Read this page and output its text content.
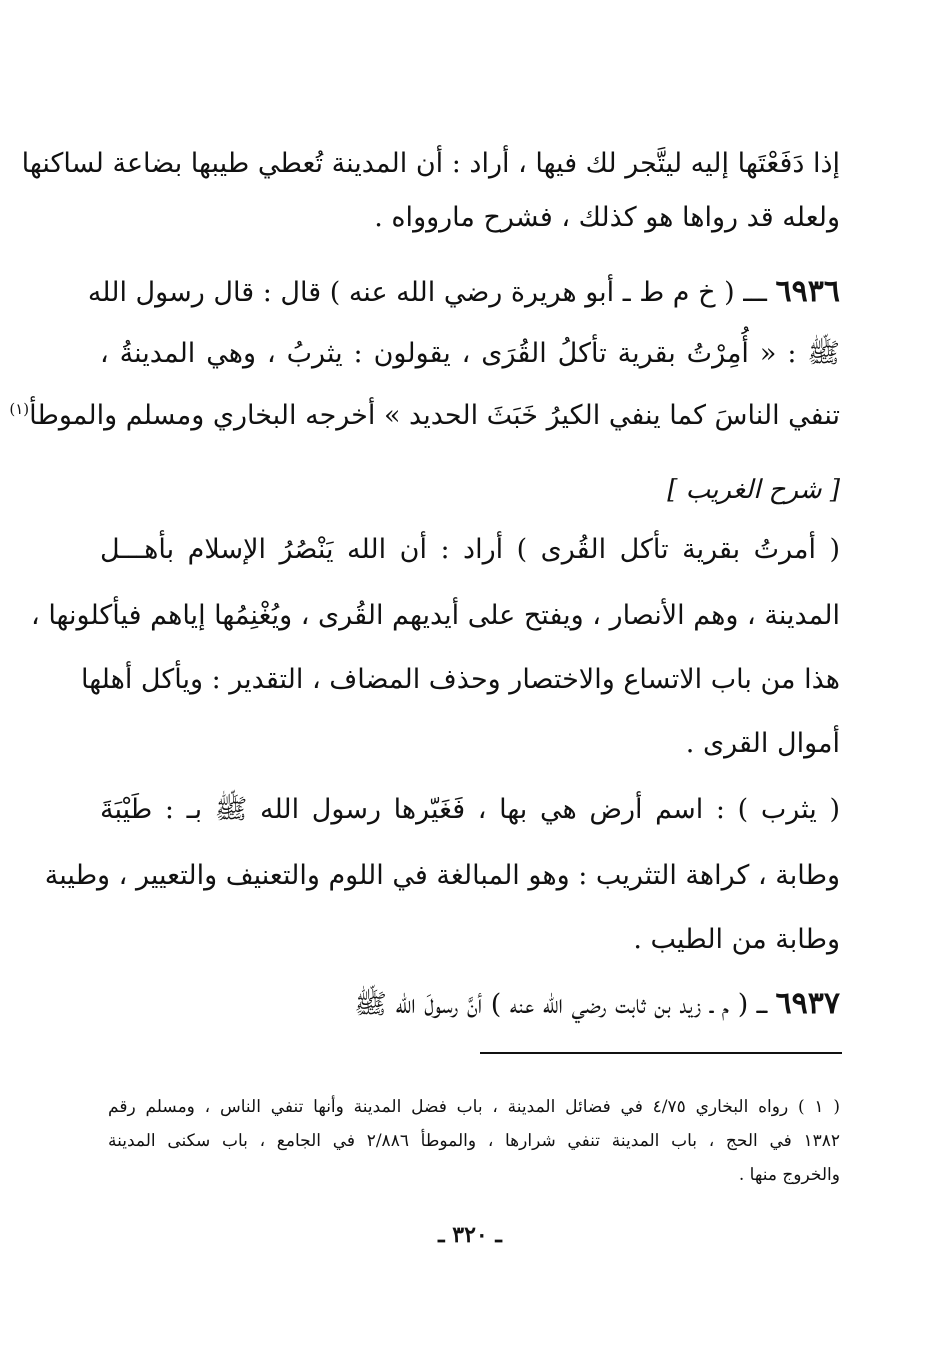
إذا دَفَعْتَها إليه ليتَّجر لك فيها ، أراد : أن المدينة تُعطي طيبها بضاعة لساكنها
ولعله قد رواها هو كذلك ، فشرح ماروواه .
٦٩٣٦ ـــ ( خ م ط ـ أبو هريرة رضي الله عنه ) قال : قال رسول الله
ﷺ : « أُمِرْتُ بقرية تأكلُ القُرَى ، يقولون : يثربُ ، وهي المدينةُ ،
تنفي الناسَ كما ينفي الكيرُ خَبَثَ الحديد » أخرجه البخاري ومسلم والموطأ$^{(١)}$
[ شرح الغريب ]
( أمرتُ بقرية تأكل القُرى ) أراد : أن الله يَنْصُرُ الإسلام بأهـــل
المدينة ، وهم الأنصار ، ويفتح على أيديهم القُرى ، ويُغْنِمُها إياهم فيأكلونها ،
هذا من باب الاتساع والاختصار وحذف المضاف ، التقدير : ويأكل أهلها
أموال القرى .
( يثرب ) : اسم أرض هي بها ، فَغَيّرها رسول الله ﷺ بـ : طَيْبَةَ
وطابة ، كراهة التثريب : وهو المبالغة في اللوم والتعنيف والتعيير ، وطيبة
وطابة من الطيب .
٦٩٣٧ ـــ ( م ـ زيد بن ثابت رضي الله عنه ) أنَّ رسولَ الله ﷺ
( ١ ) رواه البخاري ٤/٧٥ في فضائل المدينة ، باب فضل المدينة وأنها تنفي الناس ، ومسلم رقم
١٣٨٢ في الحج ، باب المدينة تنفي شرارها ، والموطأ ٢/٨٨٦ في الجامع ، باب سكنى المدينة
والخروج منها .
ـ ٣٢٠ ـ
